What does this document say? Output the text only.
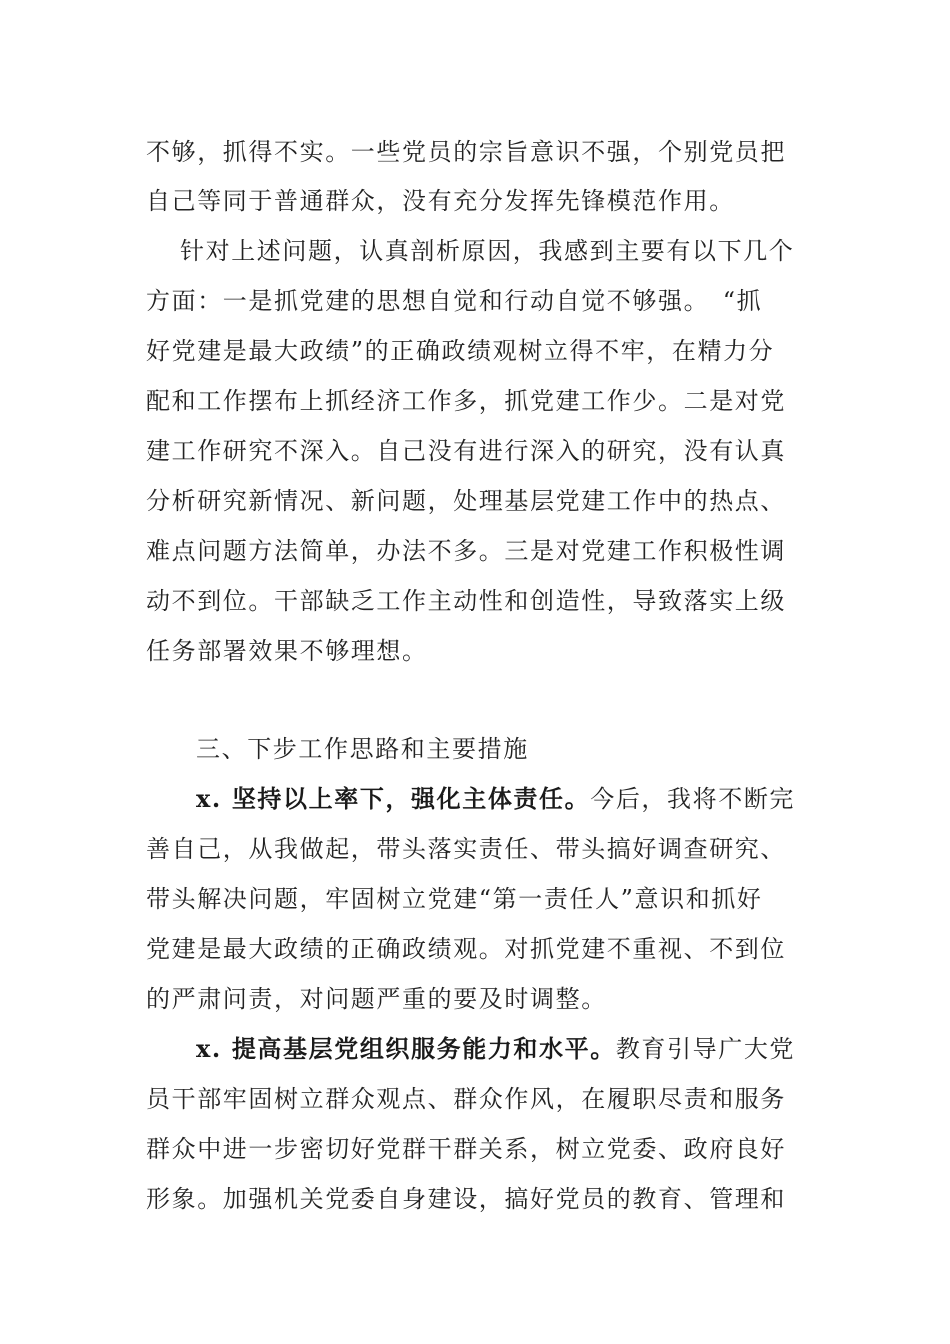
不够，抓得不实。一些党员的宗旨意识不强，个别党员把
自己等同于普通群众，没有充分发挥先锋模范作用。
针对上述问题，认真剖析原因，我感到主要有以下几个
方面：一是抓党建的思想自觉和行动自觉不够强。　“抓
好党建是最大政绩”的正确政绩观树立得不牢，在精力分
配和工作摆布上抓经济工作多，抓党建工作少。二是对党
建工作研究不深入。自己没有进行深入的研究，没有认真
分析研究新情况、新问题，处理基层党建工作中的热点、
难点问题方法简单，办法不多。三是对党建工作积极性调
动不到位。干部缺乏工作主动性和创造性，导致落实上级
任务部署效果不够理想。
三、下步工作思路和主要措施
x. 坚持以上率下，强化主体责任。今后，我将不断完
善自己，从我做起，带头落实责任、带头搞好调查研究、
带头解决问题，牢固树立党建“第一责任人”意识和抓好
党建是最大政绩的正确政绩观。对抓党建不重视、不到位
的严肃问责，对问题严重的要及时调整。
x. 提高基层党组织服务能力和水平。教育引导广大党
员干部牢固树立群众观点、群众作风，在履职尽责和服务
群众中进一步密切好党群干群关系，树立党委、政府良好
形象。加强机关党委自身建设，搞好党员的教育、管理和
